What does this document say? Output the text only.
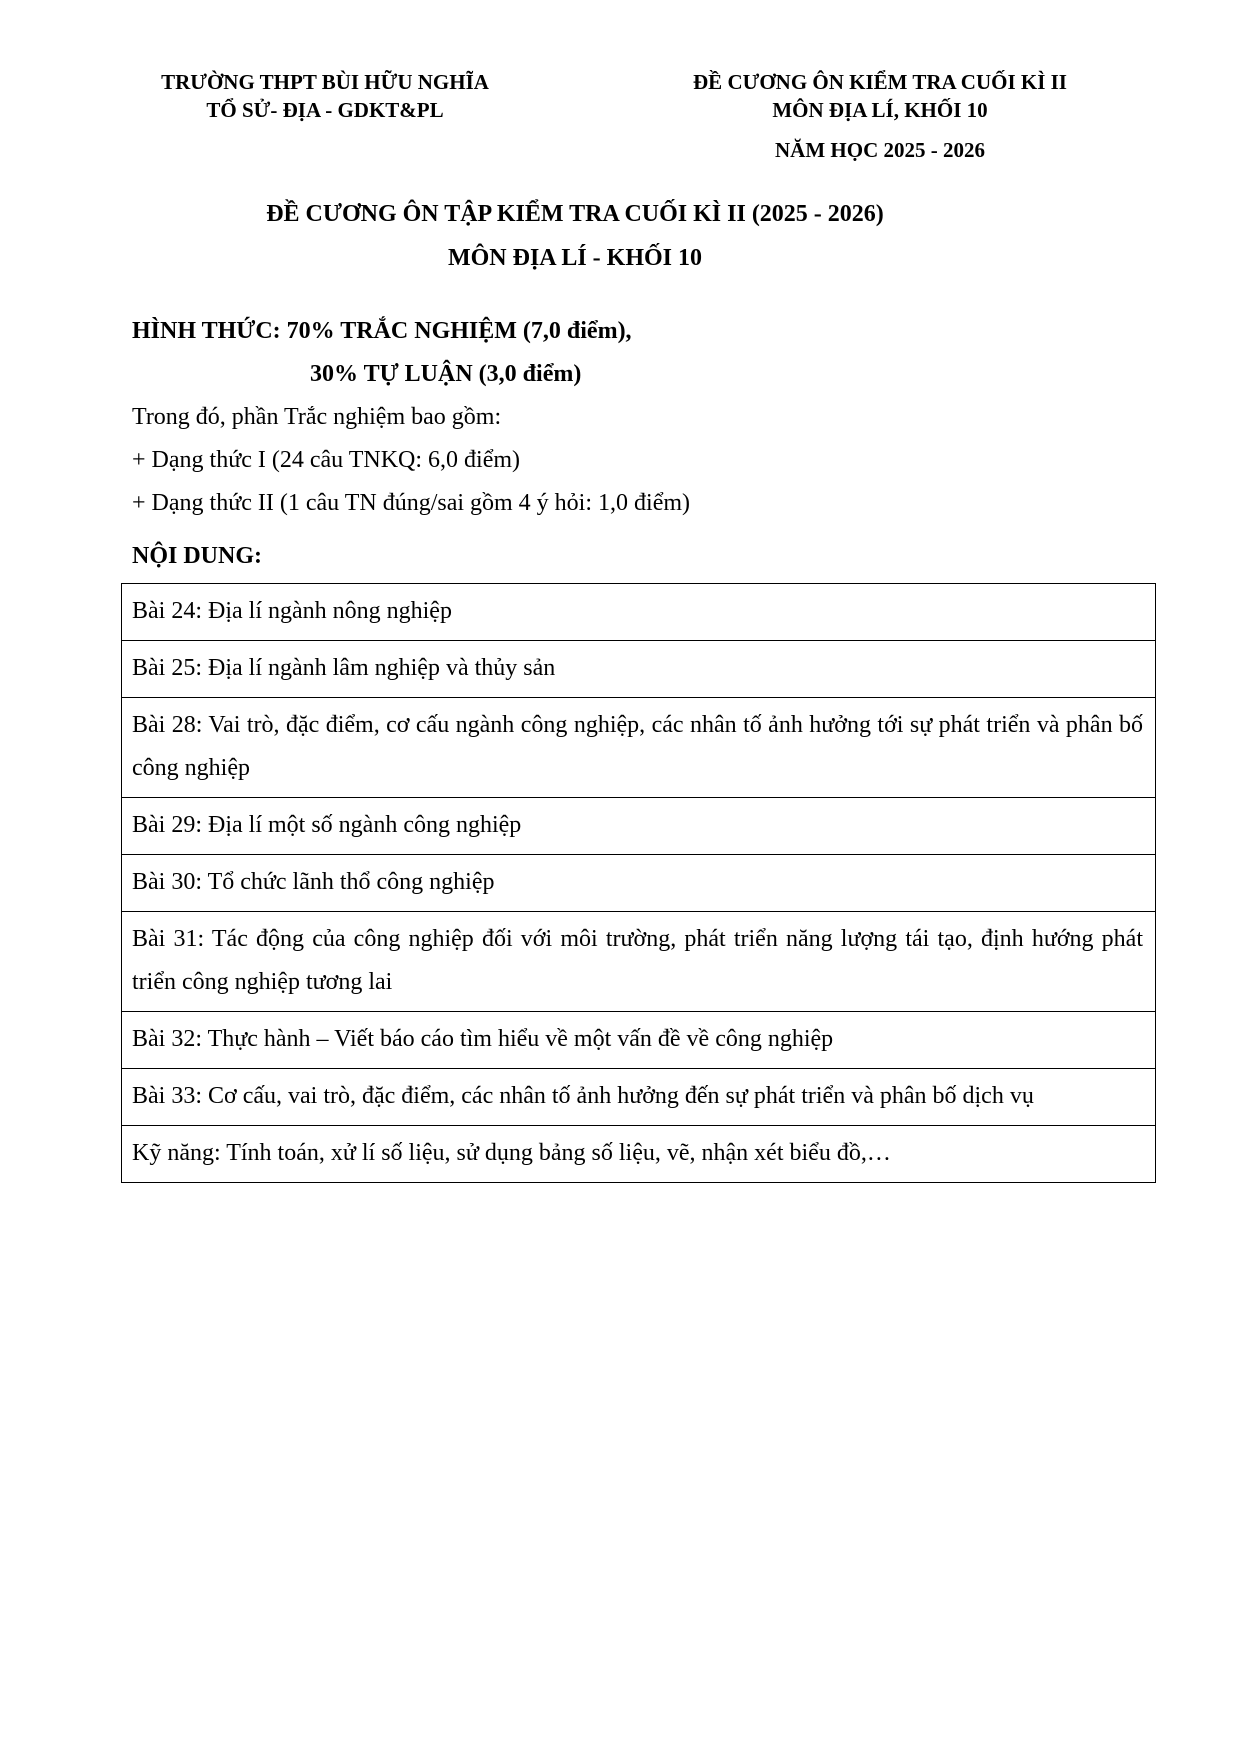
TRƯỜNG THPT BÙI HỮU NGHĨA
TỔ SỬ- ĐỊA - GDKT&PL
ĐỀ CƯƠNG ÔN KIỂM TRA CUỐI KÌ II
MÔN ĐỊA LÍ, KHỐI 10
NĂM HỌC 2025 - 2026
ĐỀ CƯƠNG ÔN TẬP KIỂM TRA CUỐI KÌ II (2025 - 2026)
MÔN ĐỊA LÍ - KHỐI 10
HÌNH THỨC: 70% TRẮC NGHIỆM (7,0 điểm),
30% TỰ LUẬN (3,0 điểm)
Trong đó, phần Trắc nghiệm bao gồm:
+ Dạng thức I (24 câu TNKQ: 6,0 điểm)
+ Dạng thức II (1 câu TN đúng/sai gồm 4 ý hỏi: 1,0 điểm)
NỘI DUNG:
Bài 24: Địa lí ngành nông nghiệp
Bài 25: Địa lí ngành lâm nghiệp và thủy sản
Bài 28: Vai trò, đặc điểm, cơ cấu ngành công nghiệp, các nhân tố ảnh hưởng tới sự phát triển và phân bố công nghiệp
Bài 29: Địa lí một số ngành công nghiệp
Bài 30: Tổ chức lãnh thổ công nghiệp
Bài 31: Tác động của công nghiệp đối với môi trường, phát triển năng lượng tái tạo, định hướng phát triển công nghiệp tương lai
Bài 32: Thực hành – Viết báo cáo tìm hiểu về một vấn đề về công nghiệp
Bài 33: Cơ cấu, vai trò, đặc điểm, các nhân tố ảnh hưởng đến sự phát triển và phân bố dịch vụ
Kỹ năng: Tính toán, xử lí số liệu, sử dụng bảng số liệu, vẽ, nhận xét biểu đồ,…
